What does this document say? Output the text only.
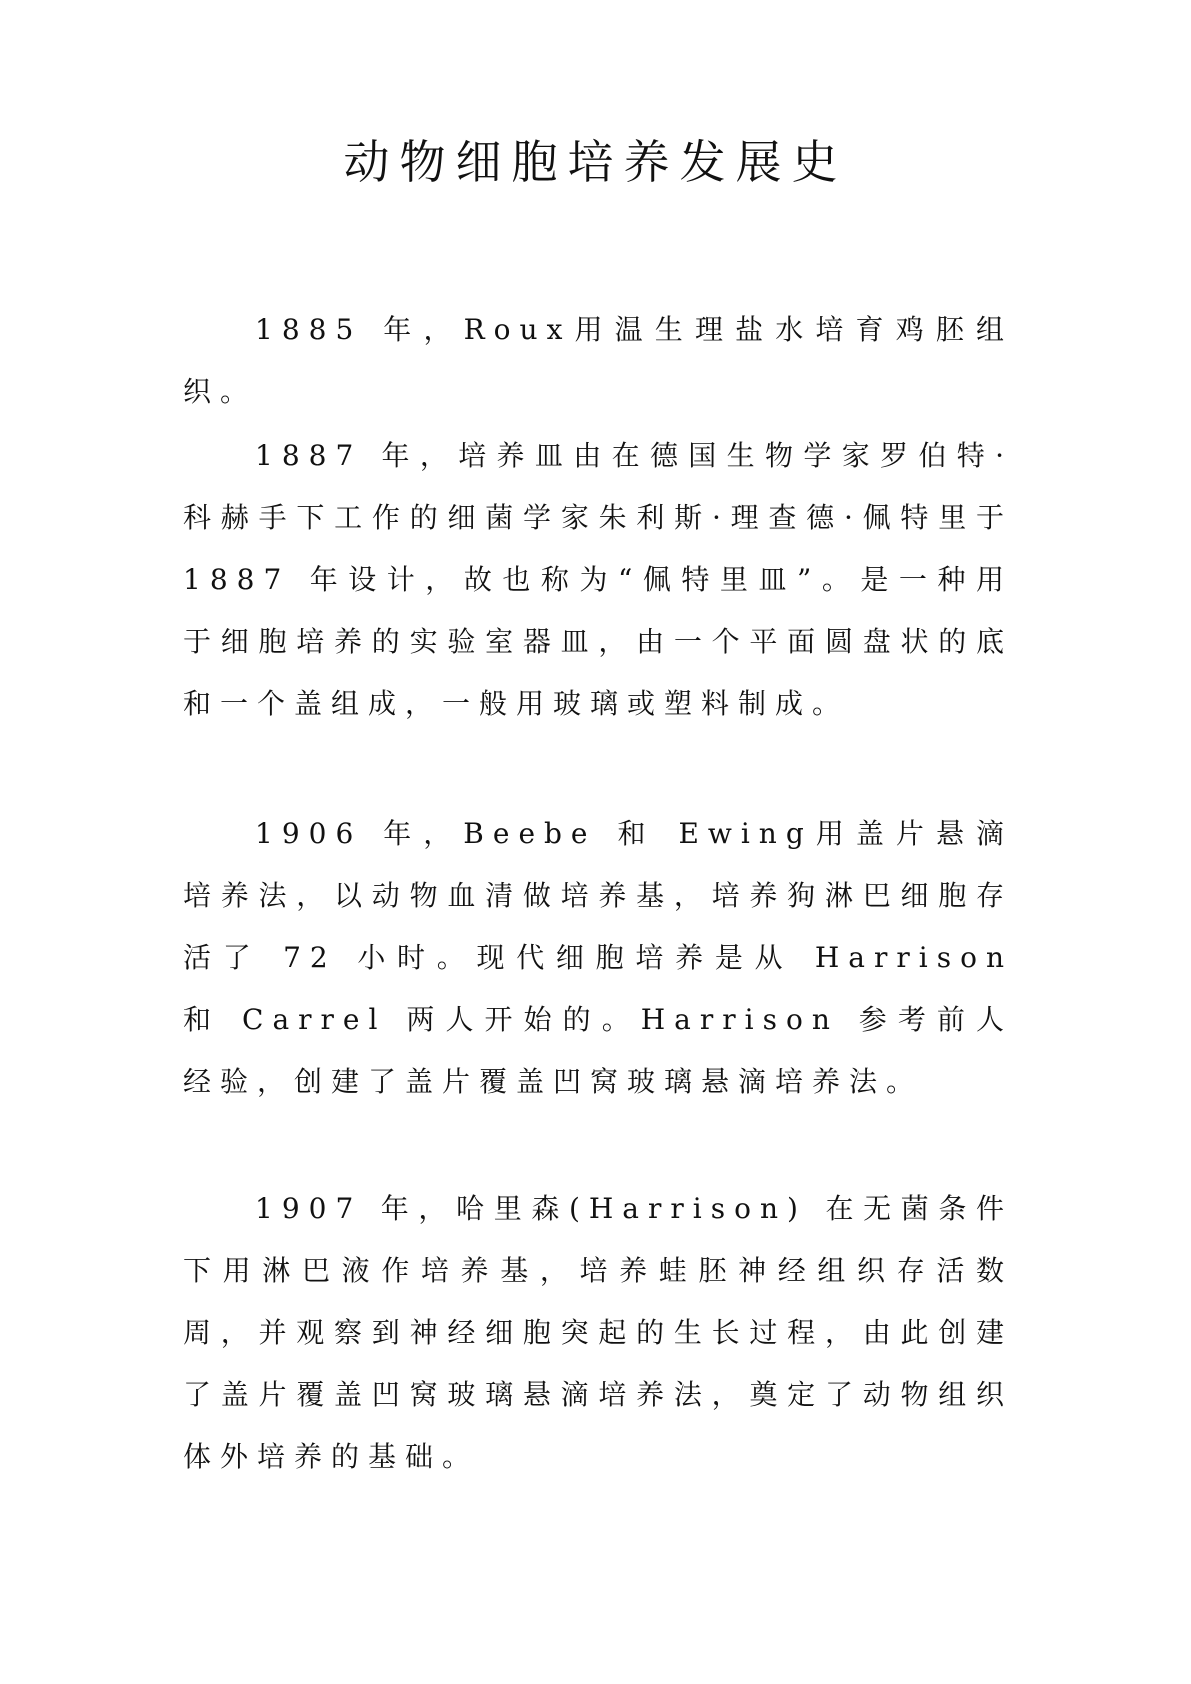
动物细胞培养发展史

1885 年，Roux用温生理盐水培育鸡胚组织。

1887 年，培养皿由在德国生物学家罗伯特·科赫手下工作的细菌学家朱利斯·理查德·佩特里于 1887 年设计，故也称为“佩特里皿”。是一种用于细胞培养的实验室器皿，由一个平面圆盘状的底和一个盖组成，一般用玻璃或塑料制成。

1906 年，Beebe 和 Ewing用盖片悬滴培养法，以动物血清做培养基，培养狗淋巴细胞存活了 72 小时。现代细胞培养是从 Harrison 和 Carrel 两人开始的。Harrison 参考前人经验，创建了盖片覆盖凹窝玻璃悬滴培养法。

1907 年，哈里森(Harrison) 在无菌条件下用淋巴液作培养基，培养蛙胚神经组织存活数周，并观察到神经细胞突起的生长过程，由此创建了盖片覆盖凹窝玻璃悬滴培养法，奠定了动物组织体外培养的基础。
